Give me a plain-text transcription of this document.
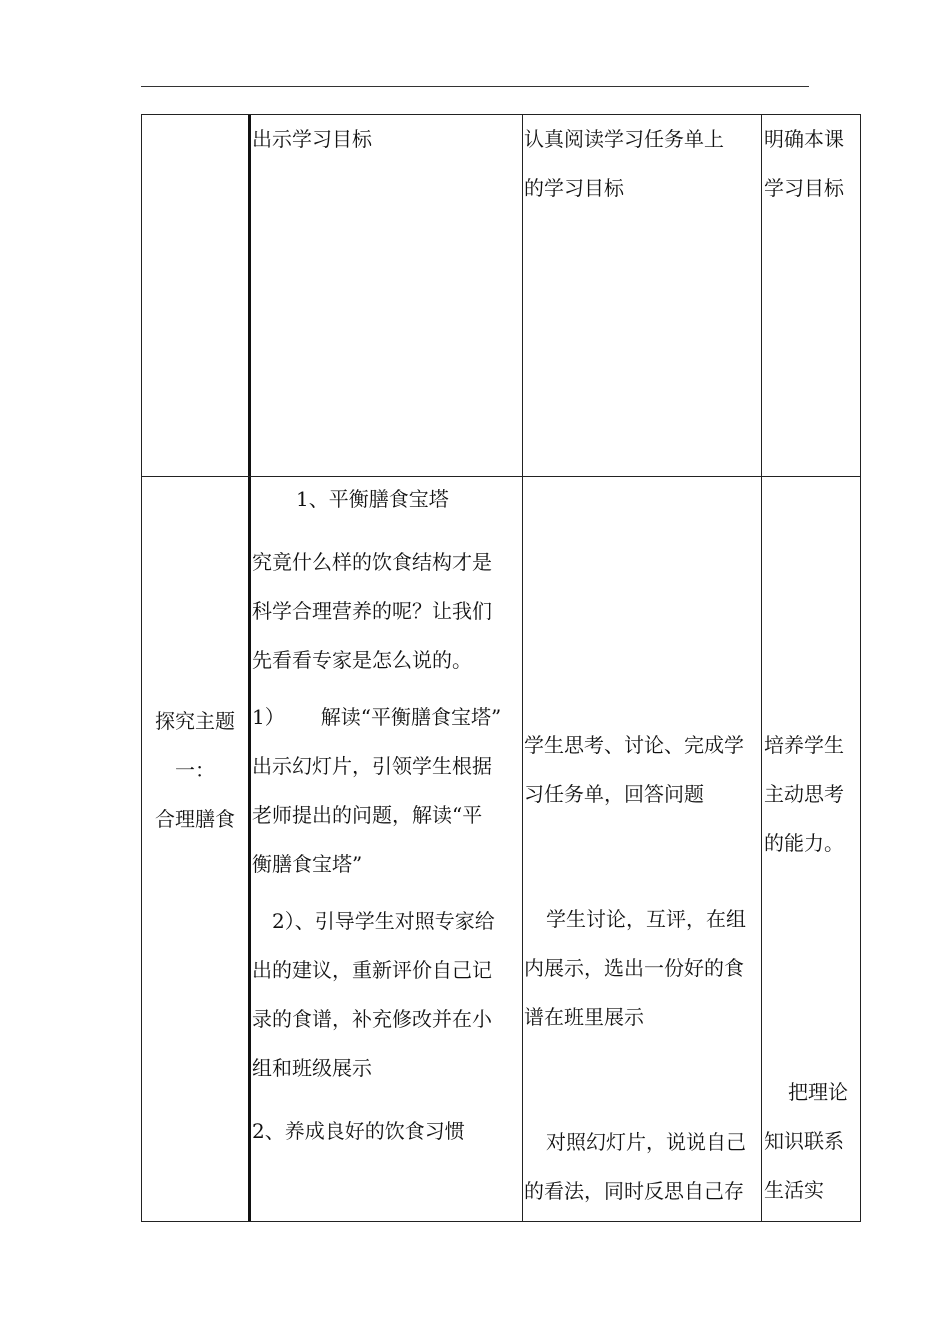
出示学习目标	认真阅读学习任务单上
的学习目标
明确本课
学习目标
探究主题
一：
合理膳食
1、平衡膳食宝塔
究竟什么样的饮食结构才是
科学合理营养的呢？让我们
先看看专家是怎么说的。
1） 解读“平衡膳食宝塔”
出示幻灯片，引领学生根据
老师提出的问题，解读“平
衡膳食宝塔”
2）、引导学生对照专家给
出的建议，重新评价自己记
录的食谱，补充修改并在小
组和班级展示
2、养成良好的饮食习惯
学生思考、讨论、完成学
习任务单，回答问题
学生讨论，互评，在组
内展示，选出一份好的食
谱在班里展示
对照幻灯片，说说自己
的看法，同时反思自己存
培养学生
主动思考
的能力。
把理论
知识联系
生活实
